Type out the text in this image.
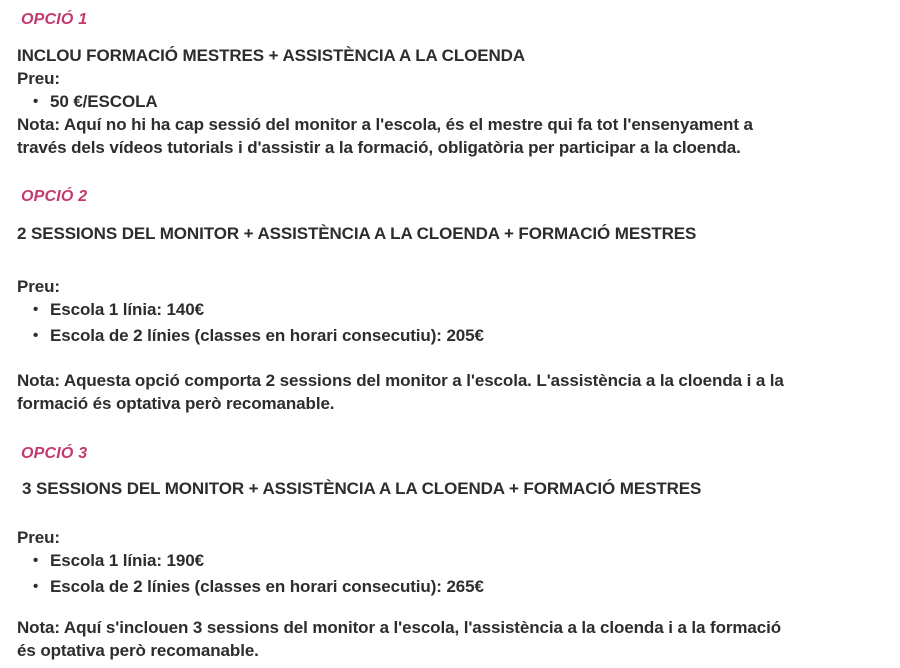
OPCIÓ 1
INCLOU FORMACIÓ MESTRES + ASSISTÈNCIA A LA CLOENDA
Preu:
• 50 €/ESCOLA
Nota: Aquí no hi ha cap sessió del monitor a l'escola, és el mestre qui fa tot l'ensenyament a
través dels vídeos tutorials i d'assistir a la formació, obligatòria per participar a la cloenda.
OPCIÓ 2
2 SESSIONS DEL MONITOR + ASSISTÈNCIA A LA CLOENDA + FORMACIÓ MESTRES
Preu:
• Escola 1 línia: 140€
• Escola de 2 línies (classes en horari consecutiu): 205€
Nota: Aquesta opció comporta 2 sessions del monitor a l'escola. L'assistència a la cloenda i a la
formació és optativa però recomanable.
OPCIÓ 3
3 SESSIONS DEL MONITOR + ASSISTÈNCIA A LA CLOENDA + FORMACIÓ MESTRES
Preu:
• Escola 1 línia: 190€
• Escola de 2 línies (classes en horari consecutiu): 265€
Nota: Aquí s'inclouen 3 sessions del monitor a l'escola, l'assistència a la cloenda i a la formació
és optativa però recomanable.
